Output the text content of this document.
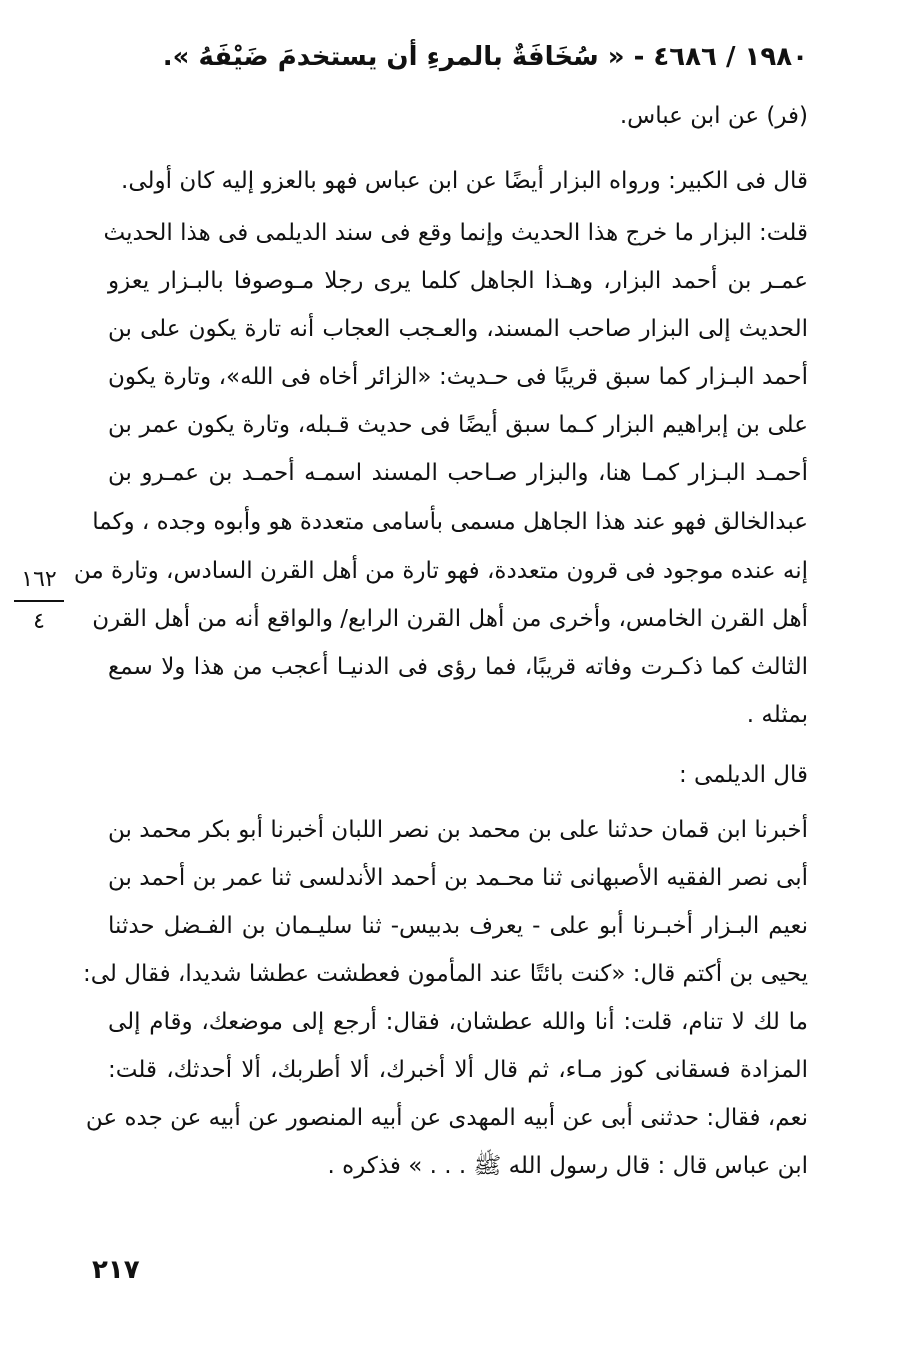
١٩٨٠ / ٤٦٨٦ - « سُخَافَةٌ بالمرءِ أن يستخدمَ ضَيْفَهُ ».
(فر) عن ابن عباس.
قال فى الكبير: ورواه البزار أيضًا عن ابن عباس فهو بالعزو إليه كان أولى.
قلت: البزار ما خرج هذا الحديث وإنما وقع فى سند الديلمى فى هذا الحديث
عمـر بن أحمد البزار، وهـذا الجاهل كلما يرى رجلا مـوصوفا بالبـزار يعزو
الحديث إلى البزار صاحب المسند، والعـجب العجاب أنه تارة يكون على بن
أحمد البـزار كما سبق قريبًا فى حـديث: «الزائر أخاه فى الله»، وتارة يكون
على بن إبراهيم البزار كـما سبق أيضًا فى حديث قـبله، وتارة يكون عمر بن
أحمـد البـزار كمـا هنا، والبزار صـاحب المسند اسمـه أحمـد بن عمـرو بن
عبدالخالق فهو عند هذا الجاهل مسمى بأسامى متعددة هو وأبوه وجده ، وكما
إنه عنده موجود فى قرون متعددة، فهو تارة من أهل القرن السادس، وتارة من
أهل القرن الخامس، وأخرى من أهل القرن الرابع/ والواقع أنه من أهل القرن
الثالث كما ذكـرت وفاته قريبًا، فما رؤى فى الدنيـا أعجب من هذا ولا سمع
بمثله .
قال الديلمى :
أخبرنا ابن قمان حدثنا على بن محمد بن نصر اللبان أخبرنا أبو بكر محمد بن
أبى نصر الفقيه الأصبهانى ثنا محـمد بن أحمد الأندلسى ثنا عمر بن أحمد بن
نعيم البـزار أخبـرنا أبو على - يعرف بدبيس- ثنا سليـمان بن الفـضل حدثنا
يحيى بن أكتم قال: «كنت بائتًا عند المأمون فعطشت عطشا شديدا، فقال لى:
ما لك لا تنام، قلت: أنا والله عطشان، فقال: أرجع إلى موضعك، وقام إلى
المزادة فسقانى كوز مـاء، ثم قال ألا أخبرك، ألا أطربك، ألا أحدثك، قلت:
نعم، فقال: حدثنى أبى عن أبيه المهدى عن أبيه المنصور عن أبيه عن جده عن
ابن عباس قال : قال رسول الله ﷺ . . . » فذكره .
١٦٢
٤
٢١٧
